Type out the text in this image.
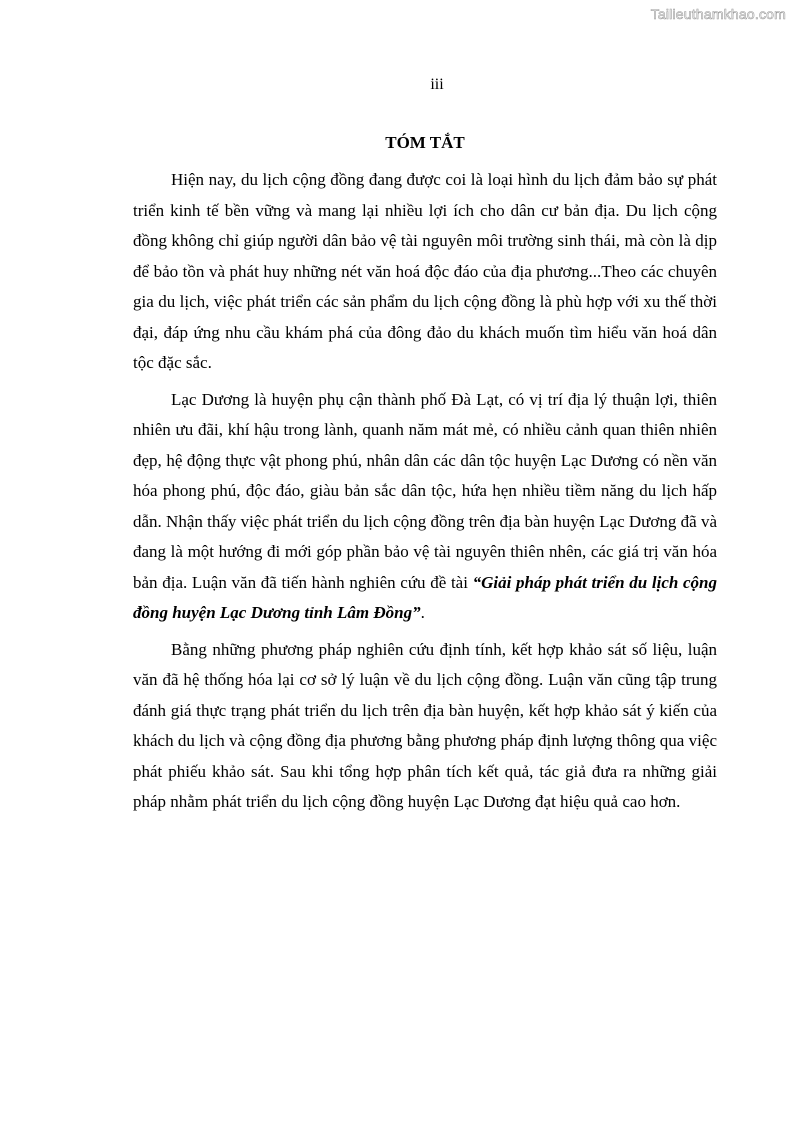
Tailieuthamkhao.com
iii
TÓM TẮT

Hiện nay, du lịch cộng đồng đang được coi là loại hình du lịch đảm bảo sự phát triển kinh tế bền vững và mang lại nhiều lợi ích cho dân cư bản địa. Du lịch cộng đồng không chỉ giúp người dân bảo vệ tài nguyên môi trường sinh thái, mà còn là dịp để bảo tồn và phát huy những nét văn hoá độc đáo của địa phương...Theo các chuyên gia du lịch, việc phát triển các sản phẩm du lịch cộng đồng là phù hợp với xu thế thời đại, đáp ứng nhu cầu khám phá của đông đảo du khách muốn tìm hiểu văn hoá dân tộc đặc sắc.

Lạc Dương là huyện phụ cận thành phố Đà Lạt, có vị trí địa lý thuận lợi, thiên nhiên ưu đãi, khí hậu trong lành, quanh năm mát mẻ, có nhiều cảnh quan thiên nhiên đẹp, hệ động thực vật phong phú, nhân dân các dân tộc huyện Lạc Dương có nền văn hóa phong phú, độc đáo, giàu bản sắc dân tộc, hứa hẹn nhiều tiềm năng du lịch hấp dẫn. Nhận thấy việc phát triển du lịch cộng đồng trên địa bàn huyện Lạc Dương đã và đang là một hướng đi mới góp phần bảo vệ tài nguyên thiên nhên, các giá trị văn hóa bản địa. Luận văn đã tiến hành nghiên cứu đề tài “Giải pháp phát triển du lịch cộng đồng huyện Lạc Dương tỉnh Lâm Đồng”.

Bằng những phương pháp nghiên cứu định tính, kết hợp khảo sát số liệu, luận văn đã hệ thống hóa lại cơ sở lý luận về du lịch cộng đồng. Luận văn cũng tập trung đánh giá thực trạng phát triển du lịch trên địa bàn huyện, kết hợp khảo sát ý kiến của khách du lịch và cộng đồng địa phương bằng phương pháp định lượng thông qua việc phát phiếu khảo sát. Sau khi tổng hợp phân tích kết quả, tác giả đưa ra những giải pháp nhằm phát triển du lịch cộng đồng huyện Lạc Dương đạt hiệu quả cao hơn.
